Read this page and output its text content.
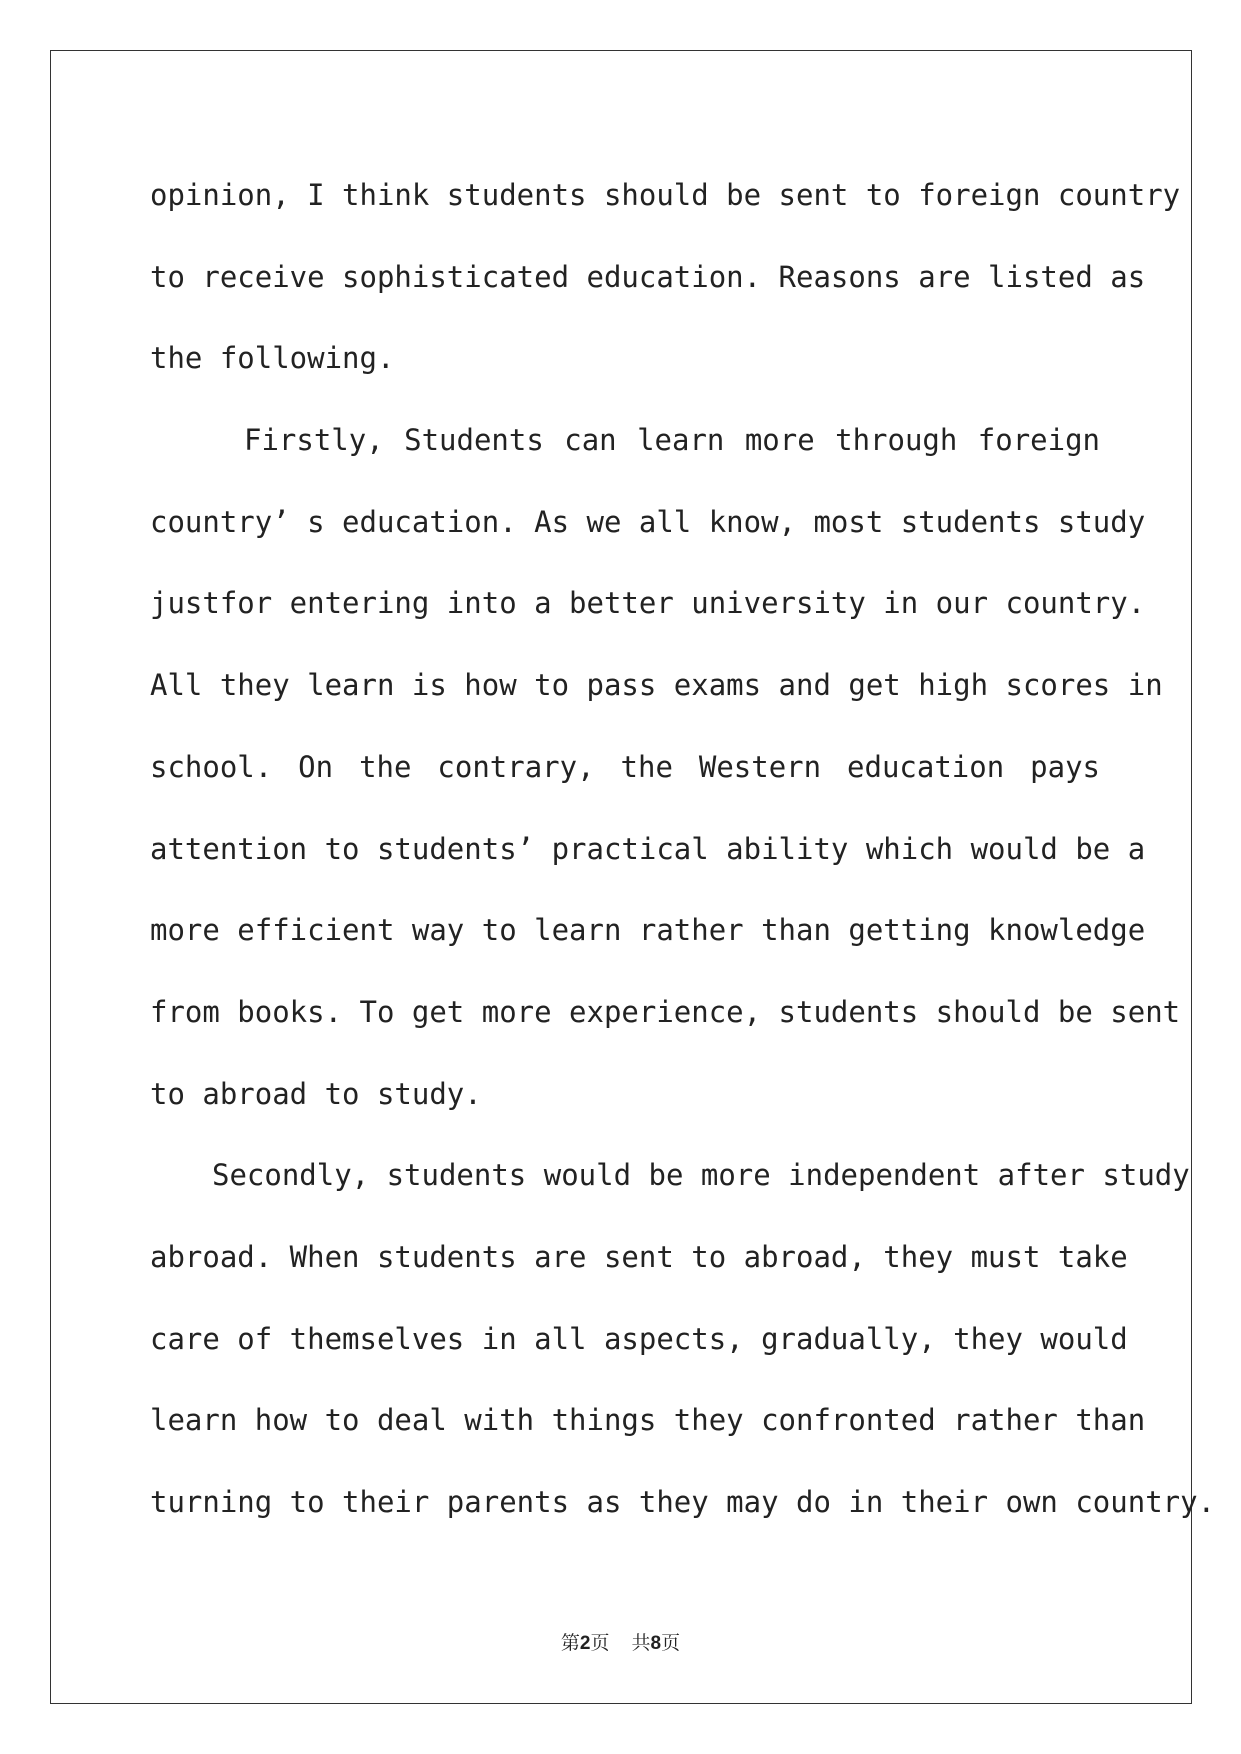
opinion, I think students should be sent to foreign country
to receive sophisticated education. Reasons are listed as
the following.
Firstly, Students can learn more through foreign
country’ s education. As we all know, most students study
justfor entering into a better university in our country.
All they learn is how to pass exams and get high scores in
school. On the contrary, the Western education pays
attention to students’ practical ability which would be a
more efficient way to learn rather than getting knowledge
from books. To get more experience, students should be sent
to abroad to study.
Secondly, students would be more independent after study
abroad. When students are sent to abroad, they must take
care of themselves in all aspects, gradually, they would
learn how to deal with things they confronted rather than
turning to their parents as they may do in their own country.
第2页 共8页
